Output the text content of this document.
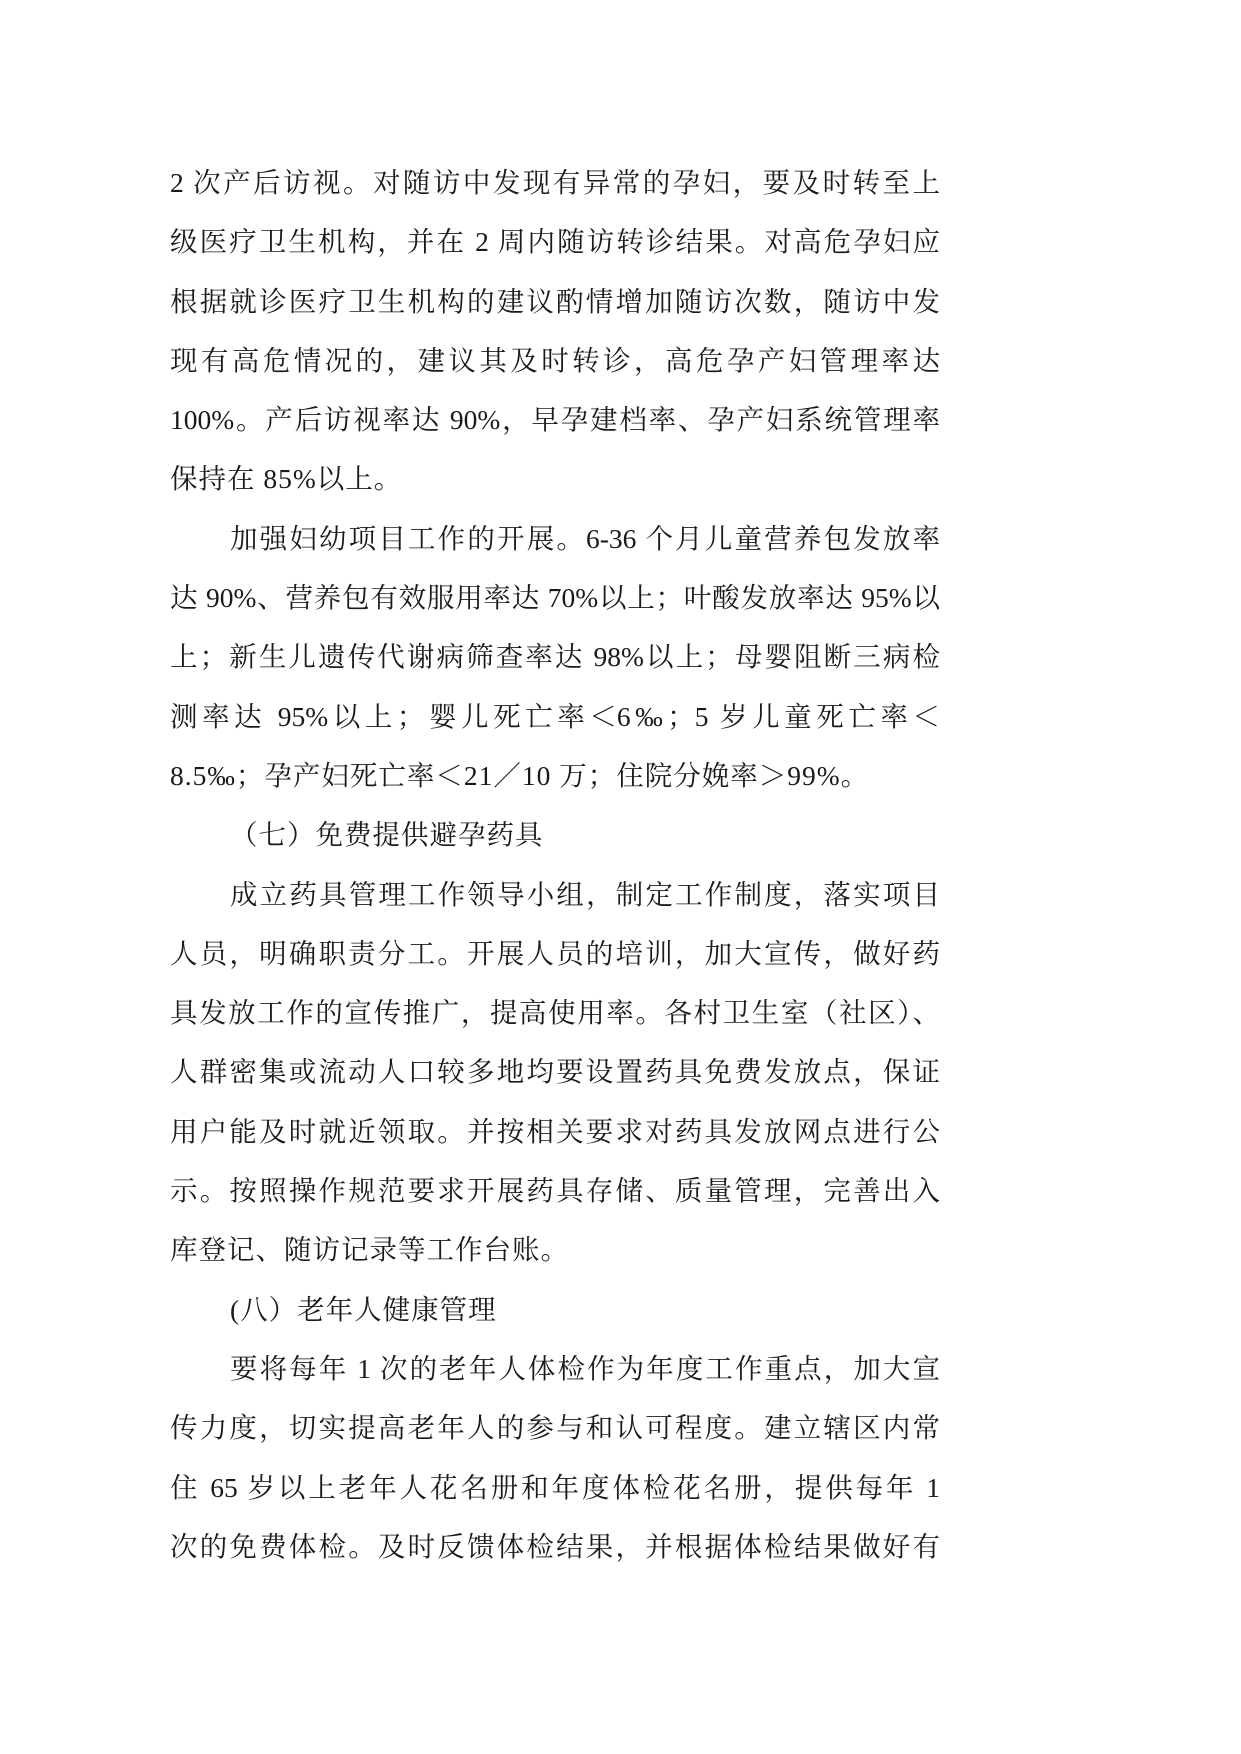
2 次产后访视。对随访中发现有异常的孕妇，要及时转至上
级医疗卫生机构，并在 2 周内随访转诊结果。对高危孕妇应
根据就诊医疗卫生机构的建议酌情增加随访次数，随访中发
现有高危情况的，建议其及时转诊，高危孕产妇管理率达
100%。产后访视率达 90%，早孕建档率、孕产妇系统管理率
保持在 85%以上。
加强妇幼项目工作的开展。6-36 个月儿童营养包发放率
达 90%、营养包有效服用率达 70%以上；叶酸发放率达 95%以
上；新生儿遗传代谢病筛查率达 98%以上；母婴阻断三病检
测率达 95%以上；婴儿死亡率＜6‰；5 岁儿童死亡率＜
8.5‰；孕产妇死亡率＜21／10 万；住院分娩率＞99%。
（七）免费提供避孕药具
成立药具管理工作领导小组，制定工作制度，落实项目
人员，明确职责分工。开展人员的培训，加大宣传，做好药
具发放工作的宣传推广，提高使用率。各村卫生室（社区）、
人群密集或流动人口较多地均要设置药具免费发放点，保证
用户能及时就近领取。并按相关要求对药具发放网点进行公
示。按照操作规范要求开展药具存储、质量管理，完善出入
库登记、随访记录等工作台账。
(八）老年人健康管理
要将每年 1 次的老年人体检作为年度工作重点，加大宣
传力度，切实提高老年人的参与和认可程度。建立辖区内常
住 65 岁以上老年人花名册和年度体检花名册，提供每年 1
次的免费体检。及时反馈体检结果，并根据体检结果做好有
